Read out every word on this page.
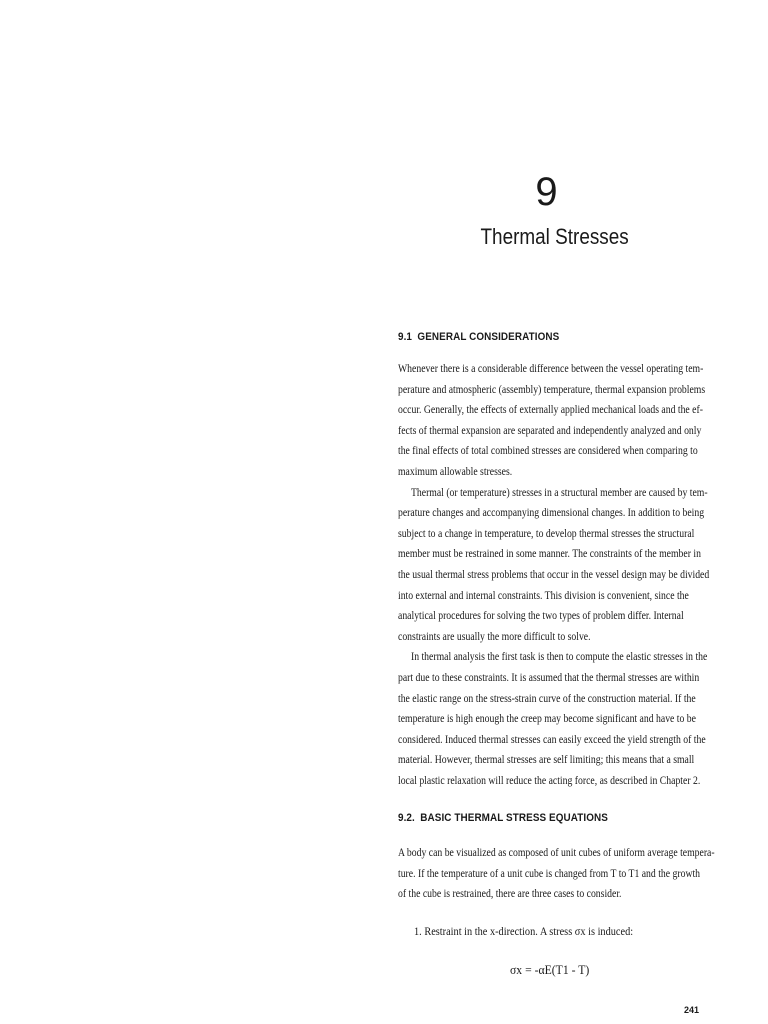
9
Thermal Stresses
9.1 GENERAL CONSIDERATIONS
Whenever there is a considerable difference between the vessel operating tem-
perature and atmospheric (assembly) temperature, thermal expansion problems
occur. Generally, the effects of externally applied mechanical loads and the ef-
fects of thermal expansion are separated and independently analyzed and only
the final effects of total combined stresses are considered when comparing to
maximum allowable stresses.
Thermal (or temperature) stresses in a structural member are caused by tem-
perature changes and accompanying dimensional changes. In addition to being
subject to a change in temperature, to develop thermal stresses the structural
member must be restrained in some manner. The constraints of the member in
the usual thermal stress problems that occur in the vessel design may be divided
into external and internal constraints. This division is convenient, since the
analytical procedures for solving the two types of problem differ. Internal
constraints are usually the more difficult to solve.
In thermal analysis the first task is then to compute the elastic stresses in the
part due to these constraints. It is assumed that the thermal stresses are within
the elastic range on the stress-strain curve of the construction material. If the
temperature is high enough the creep may become significant and have to be
considered. Induced thermal stresses can easily exceed the yield strength of the
material. However, thermal stresses are self limiting; this means that a small
local plastic relaxation will reduce the acting force, as described in Chapter 2.
9.2. BASIC THERMAL STRESS EQUATIONS
A body can be visualized as composed of unit cubes of uniform average tempera-
ture. If the temperature of a unit cube is changed from T to T1 and the growth
of the cube is restrained, there are three cases to consider.
1. Restraint in the x-direction. A stress σx is induced:
σx = -αE(T1 - T)
241
